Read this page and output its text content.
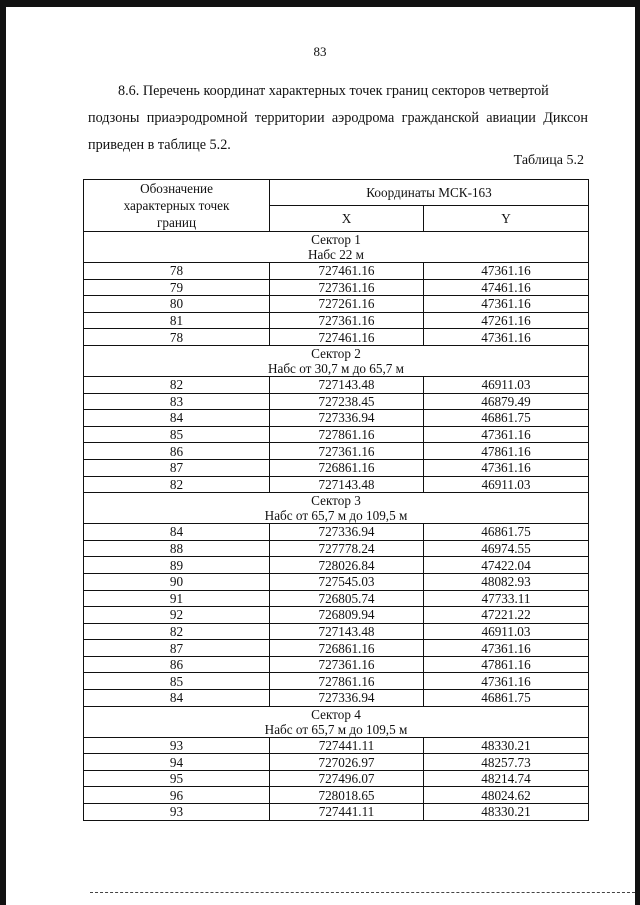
83
8.6. Перечень координат характерных точек границ секторов четвертой
подзоны приаэродромной территории аэродрома гражданской авиации Диксон
приведен в таблице 5.2.
Таблица 5.2
Обозначение характерных точек границ	Координаты МСК-163	
	X	Y

Сектор 1
Набс 22 м		

78	727461.16	47361.16
79	727361.16	47461.16
80	727261.16	47361.16
81	727361.16	47261.16
78	727461.16	47361.16

Сектор 2
Набс от 30,7 м до 65,7 м		

82	727143.48	46911.03
83	727238.45	46879.49
84	727336.94	46861.75
85	727861.16	47361.16
86	727361.16	47861.16
87	726861.16	47361.16
82	727143.48	46911.03

Сектор 3
Набс от 65,7 м до 109,5 м		

84	727336.94	46861.75
88	727778.24	46974.55
89	728026.84	47422.04
90	727545.03	48082.93
91	726805.74	47733.11
92	726809.94	47221.22
82	727143.48	46911.03
87	726861.16	47361.16
86	727361.16	47861.16
85	727861.16	47361.16
84	727336.94	46861.75

Сектор 4
Набс от 65,7 м до 109,5 м		

93	727441.11	48330.21
94	727026.97	48257.73
95	727496.07	48214.74
96	728018.65	48024.62
93	727441.11	48330.21
